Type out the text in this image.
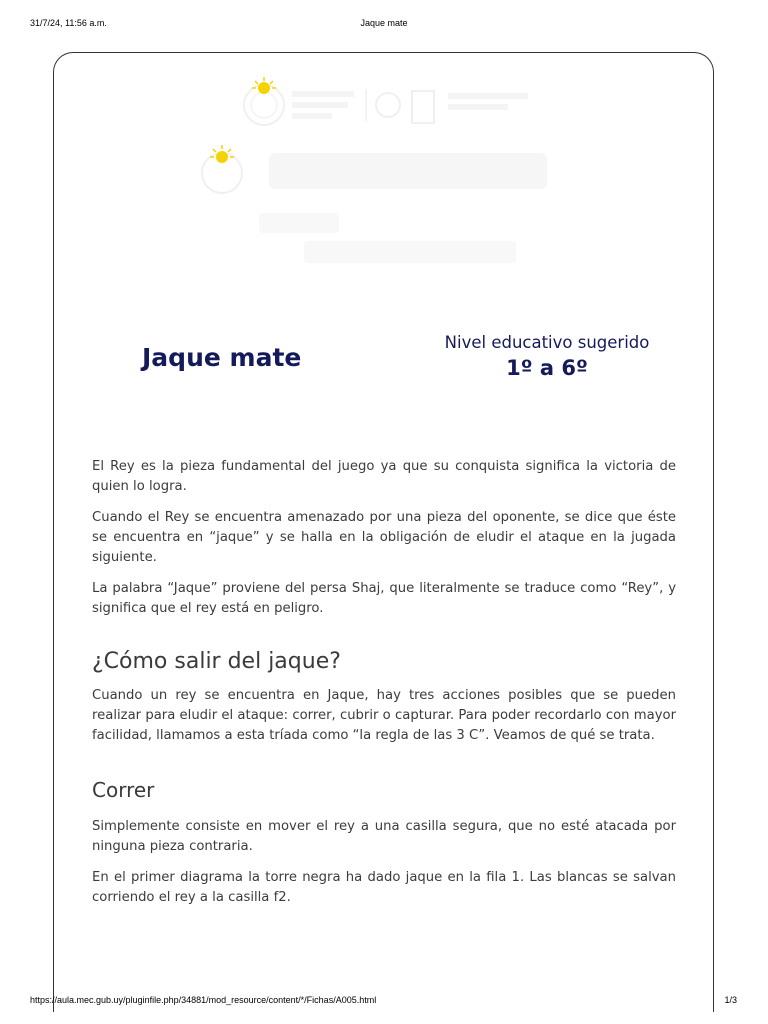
31/7/24, 11:56 a.m.	Jaque mate
Jaque mate
Nivel educativo sugerido
1º a 6º

El Rey es la pieza fundamental del juego ya que su conquista significa la victoria de quien lo logra.

Cuando el Rey se encuentra amenazado por una pieza del oponente, se dice que éste se encuentra en “jaque” y se halla en la obligación de eludir el ataque en la jugada siguiente.

La palabra “Jaque” proviene del persa Shaj, que literalmente se traduce como “Rey”, y significa que el rey está en peligro.

¿Cómo salir del jaque?

Cuando un rey se encuentra en Jaque, hay tres acciones posibles que se pueden realizar para eludir el ataque: correr, cubrir o capturar. Para poder recordarlo con mayor facilidad, llamamos a esta tríada como “la regla de las 3 C”. Veamos de qué se trata.

Correr

Simplemente consiste en mover el rey a una casilla segura, que no esté atacada por ninguna pieza contraria.

En el primer diagrama la torre negra ha dado jaque en la fila 1. Las blancas se salvan corriendo el rey a la casilla f2.

https://aula.mec.gub.uy/pluginfile.php/34881/mod_resource/content/*/Fichas/A005.html	1/3
